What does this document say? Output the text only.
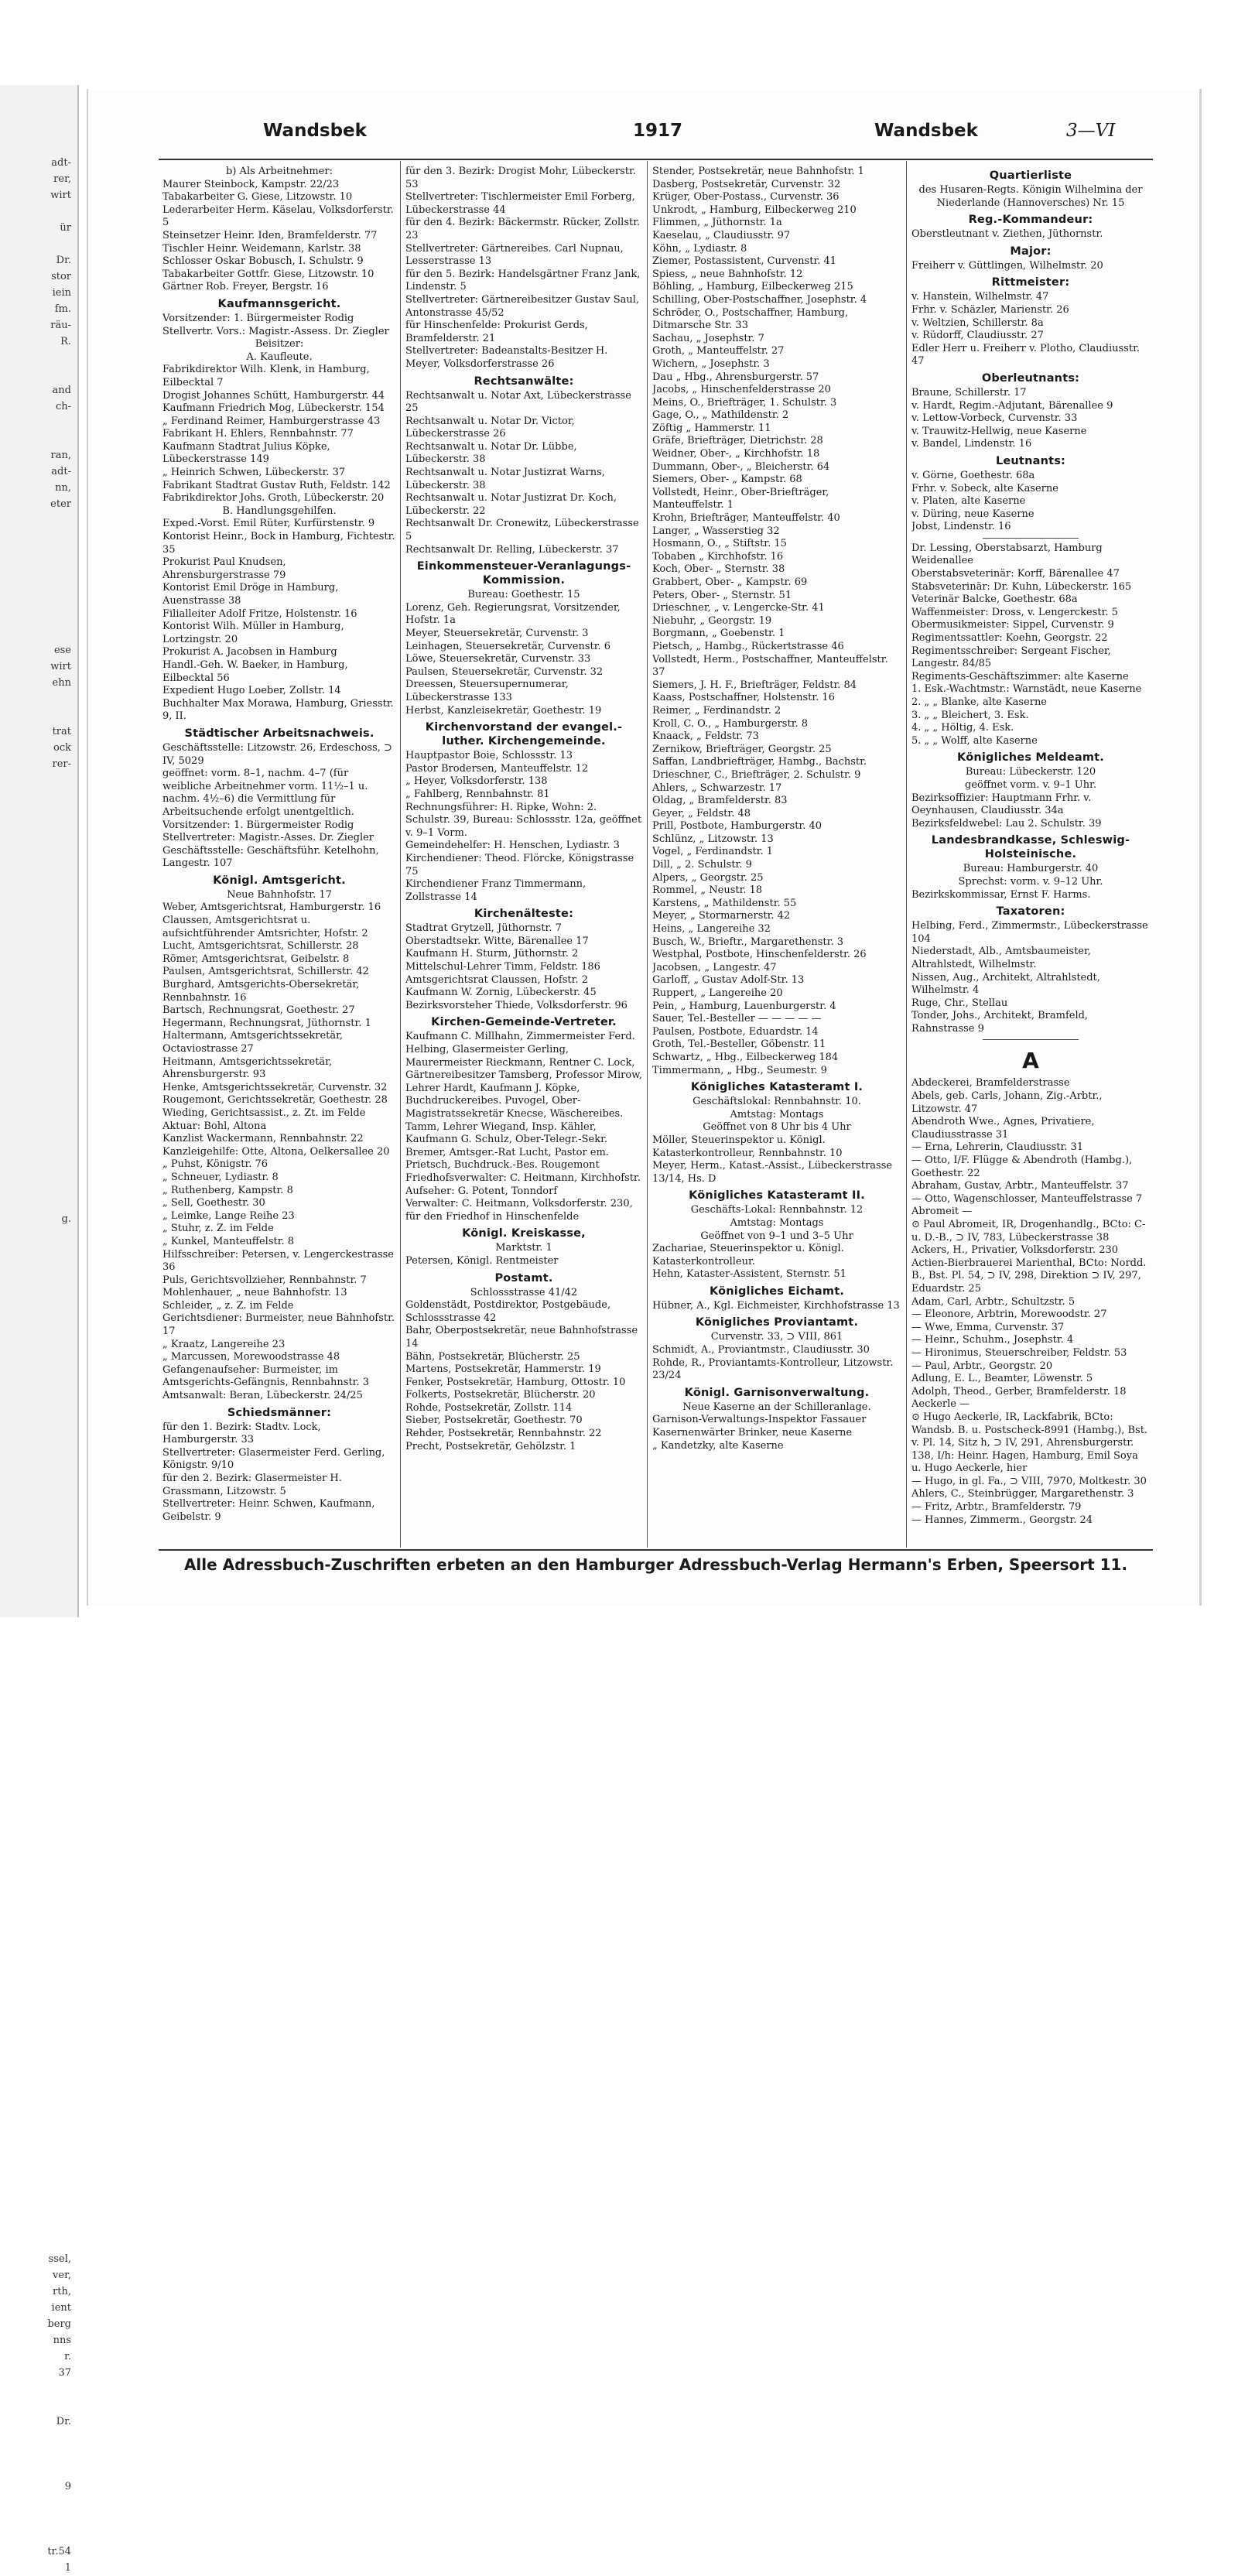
adt-
rer,
wirt

ür

Dr.
stor
iein
fm.
räu-
R.

and
ch-

ran,
adt-
nn,
eter

ese
wirt
ehn

trat
ock
rer-

g.

ssel,
ver,
rth,
ient
berg
nns
r.
37

Dr.

9

tr.54
1
Wandsbek	1917	Wandsbek	3—VI
b) Als Arbeitnehmer:
Maurer Steinbock, Kampstr. 22/23
Tabakarbeiter G. Giese, Litzowstr. 10
Lederarbeiter Herm. Käselau, Volksdorferstr. 5
Steinsetzer Heinr. Iden, Bramfelderstr. 77
Tischler Heinr. Weidemann, Karlstr. 38
Schlosser Oskar Bobusch, I. Schulstr. 9
Tabakarbeiter Gottfr. Giese, Litzowstr. 10
Gärtner Rob. Freyer, Bergstr. 16
Kaufmannsgericht.
Vorsitzender: 1. Bürgermeister Rodig
Stellvertr. Vors.: Magistr.-Assess. Dr. Ziegler
Beisitzer:
A. Kaufleute.
Fabrikdirektor Wilh. Klenk, in Hamburg, Eilbecktal 7
Drogist Johannes Schütt, Hamburgerstr. 44
Kaufmann Friedrich Mog, Lübeckerstr. 154
„ Ferdinand Reimer, Hamburgerstrasse 43
Fabrikant H. Ehlers, Rennbahnstr. 77
Kaufmann Stadtrat Julius Köpke, Lübeckerstrasse 149
„ Heinrich Schwen, Lübeckerstr. 37
Fabrikant Stadtrat Gustav Ruth, Feldstr. 142
Fabrikdirektor Johs. Groth, Lübeckerstr. 20
B. Handlungsgehilfen.
Exped.-Vorst. Emil Rüter, Kurfürstenstr. 9
Kontorist Heinr., Bock in Hamburg, Fichtestr. 35
Prokurist Paul Knudsen, Ahrensburgerstrasse 79
Kontorist Emil Dröge in Hamburg, Auenstrasse 38
Filialleiter Adolf Fritze, Holstenstr. 16
Kontorist Wilh. Müller in Hamburg, Lortzingstr. 20
Prokurist A. Jacobsen in Hamburg
Handl.-Geh. W. Baeker, in Hamburg, Eilbecktal 56
Expedient Hugo Loeber, Zollstr. 14
Buchhalter Max Morawa, Hamburg, Griesstr. 9, II.
Städtischer Arbeitsnachweis.
Geschäftsstelle: Litzowstr. 26, Erdeschoss, ⊃ IV, 5029
geöffnet: vorm. 8–1, nachm. 4–7 (für weibliche Arbeitnehmer vorm. 11½–1 u. nachm. 4½–6) die Vermittlung für Arbeitsuchende erfolgt unentgeltlich.
Vorsitzender: 1. Bürgermeister Rodig
Stellvertreter: Magistr.-Asses. Dr. Ziegler
Geschäftsstelle: Geschäftsführ. Ketelhohn, Langestr. 107
Königl. Amtsgericht.
Neue Bahnhofstr. 17
Weber, Amtsgerichtsrat, Hamburgerstr. 16
Claussen, Amtsgerichtsrat u. aufsichtführender Amtsrichter, Hofstr. 2
Lucht, Amtsgerichtsrat, Schillerstr. 28
Römer, Amtsgerichtsrat, Geibelstr. 8
Paulsen, Amtsgerichtsrat, Schillerstr. 42
Burghard, Amtsgerichts-Obersekretär, Rennbahnstr. 16
Bartsch, Rechnungsrat, Goethestr. 27
Hegermann, Rechnungsrat, Jüthornstr. 1
Haltermann, Amtsgerichtssekretär, Octaviostrasse 27
Heitmann, Amtsgerichtssekretär, Ahrensburgerstr. 93
Henke, Amtsgerichtssekretär, Curvenstr. 32
Rougemont, Gerichtssekretär, Goethestr. 28
Wieding, Gerichtsassist., z. Zt. im Felde
Aktuar: Bohl, Altona
Kanzlist Wackermann, Rennbahnstr. 22
Kanzleigehilfe: Otte, Altona, Oelkersallee 20
„ Puhst, Königstr. 76
„ Schneuer, Lydiastr. 8
„ Ruthenberg, Kampstr. 8
„ Sell, Goethestr. 30
„ Leimke, Lange Reihe 23
„ Stuhr, z. Z. im Felde
„ Kunkel, Manteuffelstr. 8
Hilfsschreiber: Petersen, v. Lengerckestrasse 36
Puls, Gerichtsvollzieher, Rennbahnstr. 7
Mohlenhauer, „ neue Bahnhofstr. 13
Schleider, „ z. Z. im Felde
Gerichtsdiener: Burmeister, neue Bahnhofstr. 17
„ Kraatz, Langereihe 23
„ Marcussen, Morewoodstrasse 48
Gefangenaufseher: Burmeister, im Amtsgerichts-Gefängnis, Rennbahnstr. 3
Amtsanwalt: Beran, Lübeckerstr. 24/25
Schiedsmänner:
für den 1. Bezirk: Stadtv. Lock, Hamburgerstr. 33
Stellvertreter: Glasermeister Ferd. Gerling, Königstr. 9/10
für den 2. Bezirk: Glasermeister H. Grassmann, Litzowstr. 5
Stellvertreter: Heinr. Schwen, Kaufmann, Geibelstr. 9
für den 3. Bezirk: Drogist Mohr, Lübeckerstr. 53
Stellvertreter: Tischlermeister Emil Forberg, Lübeckerstrasse 44
für den 4. Bezirk: Bäckermstr. Rücker, Zollstr. 23
Stellvertreter: Gärtnereibes. Carl Nupnau, Lesserstrasse 13
für den 5. Bezirk: Handelsgärtner Franz Jank, Lindenstr. 5
Stellvertreter: Gärtnereibesitzer Gustav Saul, Antonstrasse 45/52
für Hinschenfelde: Prokurist Gerds, Bramfelderstr. 21
Stellvertreter: Badeanstalts-Besitzer H. Meyer, Volksdorferstrasse 26
Rechtsanwälte:
Rechtsanwalt u. Notar Axt, Lübeckerstrasse 25
Rechtsanwalt u. Notar Dr. Victor, Lübeckerstrasse 26
Rechtsanwalt u. Notar Dr. Lübbe, Lübeckerstr. 38
Rechtsanwalt u. Notar Justizrat Warns, Lübeckerstr. 38
Rechtsanwalt u. Notar Justizrat Dr. Koch, Lübeckerstr. 22
Rechtsanwalt Dr. Cronewitz, Lübeckerstrasse 5
Rechtsanwalt Dr. Relling, Lübeckerstr. 37
Einkommensteuer-Veranlagungs-Kommission.
Bureau: Goethestr. 15
Lorenz, Geh. Regierungsrat, Vorsitzender, Hofstr. 1a
Meyer, Steuersekretär, Curvenstr. 3
Leinhagen, Steuersekretär, Curvenstr. 6
Löwe, Steuersekretär, Curvenstr. 33
Paulsen, Steuersekretär, Curvenstr. 32
Dreessen, Steuersupernumerar, Lübeckerstrasse 133
Herbst, Kanzleisekretär, Goethestr. 19
Kirchenvorstand der evangel.-luther. Kirchengemeinde.
Hauptpastor Boie, Schlossstr. 13
Pastor Brodersen, Manteuffelstr. 12
„ Heyer, Volksdorferstr. 138
„ Fahlberg, Rennbahnstr. 81
Rechnungsführer: H. Ripke, Wohn: 2. Schulstr. 39, Bureau: Schlossstr. 12a, geöffnet v. 9–1 Vorm.
Gemeindehelfer: H. Henschen, Lydiastr. 3
Kirchendiener: Theod. Flörcke, Königstrasse 75
Kirchendiener Franz Timmermann, Zollstrasse 14
Kirchenälteste:
Stadtrat Grytzell, Jüthornstr. 7
Oberstadtsekr. Witte, Bärenallee 17
Kaufmann H. Sturm, Jüthornstr. 2
Mittelschul-Lehrer Timm, Feldstr. 186
Amtsgerichtsrat Claussen, Hofstr. 2
Kaufmann W. Zornig, Lübeckerstr. 45
Bezirksvorsteher Thiede, Volksdorferstr. 96
Kirchen-Gemeinde-Vertreter.
Kaufmann C. Millhahn, Zimmermeister Ferd. Helbing, Glasermeister Gerling, Maurermeister Rieckmann, Rentner C. Lock, Gärtnereibesitzer Tamsberg, Professor Mirow, Lehrer Hardt, Kaufmann J. Köpke, Buchdruckereibes. Puvogel, Ober-Magistratssekretär Knecse, Wäschereibes. Tamm, Lehrer Wiegand, Insp. Kähler, Kaufmann G. Schulz, Ober-Telegr.-Sekr. Bremer, Amtsger.-Rat Lucht, Pastor em. Prietsch, Buchdruck.-Bes. Rougemont
Friedhofsverwalter: C. Heitmann, Kirchhofstr.
Aufseher: G. Potent, Tonndorf
Verwalter: C. Heitmann, Volksdorferstr. 230, für den Friedhof in Hinschenfelde
Königl. Kreiskasse,
Marktstr. 1
Petersen, Königl. Rentmeister
Postamt.
Schlossstrasse 41/42
Goldenstädt, Postdirektor, Postgebäude, Schlossstrasse 42
Bahr, Oberpostsekretär, neue Bahnhofstrasse 14
Bähn, Postsekretär, Blücherstr. 25
Martens, Postsekretär, Hammerstr. 19
Fenker, Postsekretär, Hamburg, Ottostr. 10
Folkerts, Postsekretär, Blücherstr. 20
Rohde, Postsekretär, Zollstr. 114
Sieber, Postsekretär, Goethestr. 70
Rehder, Postsekretär, Rennbahnstr. 22
Precht, Postsekretär, Gehölzstr. 1
Stender, Postsekretär, neue Bahnhofstr. 1
Dasberg, Postsekretär, Curvenstr. 32
Krüger, Ober-Postass., Curvenstr. 36
Unkrodt, „ Hamburg, Eilbeckerweg 210
Flimmen, „ Jüthornstr. 1a
Kaeselau, „ Claudiusstr. 97
Köhn, „ Lydiastr. 8
Ziemer, Postassistent, Curvenstr. 41
Spiess, „ neue Bahnhofstr. 12
Böhling, „ Hamburg, Eilbeckerweg 215
Schilling, Ober-Postschaffner, Josephstr. 4
Schröder, O., Postschaffner, Hamburg, Ditmarsche Str. 33
Sachau, „ Josephstr. 7
Groth, „ Manteuffelstr. 27
Wichern, „ Josephstr. 3
Dau „ Hbg., Ahrensburgerstr. 57
Jacobs, „ Hinschenfelderstrasse 20
Meins, O., Briefträger, 1. Schulstr. 3
Gage, O., „ Mathildenstr. 2
Zöftig „ Hammerstr. 11
Gräfe, Briefträger, Dietrichstr. 28
Weidner, Ober-, „ Kirchhofstr. 18
Dummann, Ober-, „ Bleicherstr. 64
Siemers, Ober- „ Kampstr. 68
Vollstedt, Heinr., Ober-Briefträger, Manteuffelstr. 1
Krohn, Briefträger, Manteuffelstr. 40
Langer, „ Wasserstieg 32
Hosmann, O., „ Stiftstr. 15
Tobaben „ Kirchhofstr. 16
Koch, Ober- „ Sternstr. 38
Grabbert, Ober- „ Kampstr. 69
Peters, Ober- „ Sternstr. 51
Drieschner, „ v. Lengercke-Str. 41
Niebuhr, „ Georgstr. 19
Borgmann, „ Goebenstr. 1
Pietsch, „ Hambg., Rückertstrasse 46
Vollstedt, Herm., Postschaffner, Manteuffelstr. 37
Siemers, J. H. F., Briefträger, Feldstr. 84
Kaass, Postschaffner, Holstenstr. 16
Reimer, „ Ferdinandstr. 2
Kroll, C. O., „ Hamburgerstr. 8
Knaack, „ Feldstr. 73
Zernikow, Briefträger, Georgstr. 25
Saffan, Landbriefträger, Hambg., Bachstr.
Drieschner, C., Briefträger, 2. Schulstr. 9
Ahlers, „ Schwarzestr. 17
Oldag, „ Bramfelderstr. 83
Geyer, „ Feldstr. 48
Prill, Postbote, Hamburgerstr. 40
Schlünz, „ Litzowstr. 13
Vogel, „ Ferdinandstr. 1
Dill, „ 2. Schulstr. 9
Alpers, „ Georgstr. 25
Rommel, „ Neustr. 18
Karstens, „ Mathildenstr. 55
Meyer, „ Stormarnerstr. 42
Heins, „ Langereihe 32
Busch, W., Brieftr., Margarethenstr. 3
Westphal, Postbote, Hinschenfelderstr. 26
Jacobsen, „ Langestr. 47
Garloff, „ Gustav Adolf-Str. 13
Ruppert, „ Langereihe 20
Pein, „ Hamburg, Lauenburgerstr. 4
Sauer, Tel.-Besteller — — — — —
Paulsen, Postbote, Eduardstr. 14
Groth, Tel.-Besteller, Göbenstr. 11
Schwartz, „ Hbg., Eilbeckerweg 184
Timmermann, „ Hbg., Seumestr. 9
Königliches Katasteramt I.
Geschäftslokal: Rennbahnstr. 10.
Amtstag: Montags
Geöffnet von 8 Uhr bis 4 Uhr
Möller, Steuerinspektor u. Königl. Katasterkontrolleur, Rennbahnstr. 10
Meyer, Herm., Katast.-Assist., Lübeckerstrasse 13/14, Hs. D
Königliches Katasteramt II.
Geschäfts-Lokal: Rennbahnstr. 12
Amtstag: Montags
Geöffnet von 9–1 und 3–5 Uhr
Zachariae, Steuerinspektor u. Königl. Katasterkontrolleur.
Hehn, Kataster-Assistent, Sternstr. 51
Königliches Eichamt.
Hübner, A., Kgl. Eichmeister, Kirchhofstrasse 13
Königliches Proviantamt.
Curvenstr. 33, ⊃ VIII, 861
Schmidt, A., Proviantmstr., Claudiusstr. 30
Rohde, R., Proviantamts-Kontrolleur, Litzowstr. 23/24
Königl. Garnisonverwaltung.
Neue Kaserne an der Schilleranlage.
Garnison-Verwaltungs-Inspektor Fassauer
Kasernenwärter Brinker, neue Kaserne
„ Kandetzky, alte Kaserne
Quartierliste
des Husaren-Regts. Königin Wilhelmina der Niederlande (Hannoversches) Nr. 15
Reg.-Kommandeur:
Oberstleutnant v. Ziethen, Jüthornstr.
Major:
Freiherr v. Güttlingen, Wilhelmstr. 20
Rittmeister:
v. Hanstein, Wilhelmstr. 47
Frhr. v. Schäzler, Marienstr. 26
v. Weltzien, Schillerstr. 8a
v. Rüdorff, Claudiusstr. 27
Edler Herr u. Freiherr v. Plotho, Claudiusstr. 47
Oberleutnants:
Braune, Schillerstr. 17
v. Hardt, Regim.-Adjutant, Bärenallee 9
v. Lettow-Vorbeck, Curvenstr. 33
v. Trauwitz-Hellwig, neue Kaserne
v. Bandel, Lindenstr. 16
Leutnants:
v. Görne, Goethestr. 68a
Frhr. v. Sobeck, alte Kaserne
v. Platen, alte Kaserne
v. Düring, neue Kaserne
Jobst, Lindenstr. 16
Dr. Lessing, Oberstabsarzt, Hamburg Weidenallee
Oberstabsveterinär: Korff, Bärenallee 47
Stabsveterinär: Dr. Kuhn, Lübeckerstr. 165
Veterinär Balcke, Goethestr. 68a
Waffenmeister: Dross, v. Lengerckestr. 5
Obermusikmeister: Sippel, Curvenstr. 9
Regimentssattler: Koehn, Georgstr. 22
Regimentsschreiber: Sergeant Fischer, Langestr. 84/85
Regiments-Geschäftszimmer: alte Kaserne
1. Esk.-Wachtmstr.: Warnstädt, neue Kaserne
2. „ „ Blanke, alte Kaserne
3. „ „ Bleichert, 3. Esk.
4. „ „ Höltig, 4. Esk.
5. „ „ Wolff, alte Kaserne
Königliches Meldeamt.
Bureau: Lübeckerstr. 120
geöffnet vorm. v. 9–1 Uhr.
Bezirksoffizier: Hauptmann Frhr. v. Oeynhausen, Claudiusstr. 34a
Bezirksfeldwebel: Lau 2. Schulstr. 39
Landesbrandkasse, Schleswig-Holsteinische.
Bureau: Hamburgerstr. 40
Sprechst: vorm. v. 9–12 Uhr.
Bezirkskommissar, Ernst F. Harms.
Taxatoren:
Helbing, Ferd., Zimmermstr., Lübeckerstrasse 104
Niederstadt, Alb., Amtsbaumeister, Altrahlstedt, Wilhelmstr.
Nissen, Aug., Architekt, Altrahlstedt, Wilhelmstr. 4
Ruge, Chr., Stellau
Tonder, Johs., Architekt, Bramfeld, Rahnstrasse 9
A
Abdeckerei, Bramfelderstrasse
Abels, geb. Carls, Johann, Zig.-Arbtr., Litzowstr. 47
Abendroth Wwe., Agnes, Privatiere, Claudiusstrasse 31
— Erna, Lehrerin, Claudiusstr. 31
— Otto, I/F. Flügge & Abendroth (Hambg.), Goethestr. 22
Abraham, Gustav, Arbtr., Manteuffelstr. 37
— Otto, Wagenschlosser, Manteuffelstrasse 7
Abromeit —
⊙ Paul Abromeit, IR, Drogenhandlg., BCto: C- u. D.-B., ⊃ IV, 783, Lübeckerstrasse 38
Ackers, H., Privatier, Volksdorferstr. 230
Actien-Bierbrauerei Marienthal, BCto: Nordd. B., Bst. Pl. 54, ⊃ IV, 298, Direktion ⊃ IV, 297, Eduardstr. 25
Adam, Carl, Arbtr., Schultzstr. 5
— Eleonore, Arbtrin, Morewoodstr. 27
— Wwe, Emma, Curvenstr. 37
— Heinr., Schuhm., Josephstr. 4
— Hironimus, Steuerschreiber, Feldstr. 53
— Paul, Arbtr., Georgstr. 20
Adlung, E. L., Beamter, Löwenstr. 5
Adolph, Theod., Gerber, Bramfelderstr. 18
Aeckerle —
⊙ Hugo Aeckerle, IR, Lackfabrik, BCto: Wandsb. B. u. Postscheck-8991 (Hambg.), Bst. v. Pl. 14, Sitz h, ⊃ IV, 291, Ahrensburgerstr. 138, I/h: Heinr. Hagen, Hamburg, Emil Soya u. Hugo Aeckerle, hier
— Hugo, in gl. Fa., ⊃ VIII, 7970, Moltkestr. 30
Ahlers, C., Steinbrügger, Margarethenstr. 3
— Fritz, Arbtr., Bramfelderstr. 79
— Hannes, Zimmerm., Georgstr. 24
Alle Adressbuch-Zuschriften erbeten an den Hamburger Adressbuch-Verlag Hermann's Erben, Speersort 11.
